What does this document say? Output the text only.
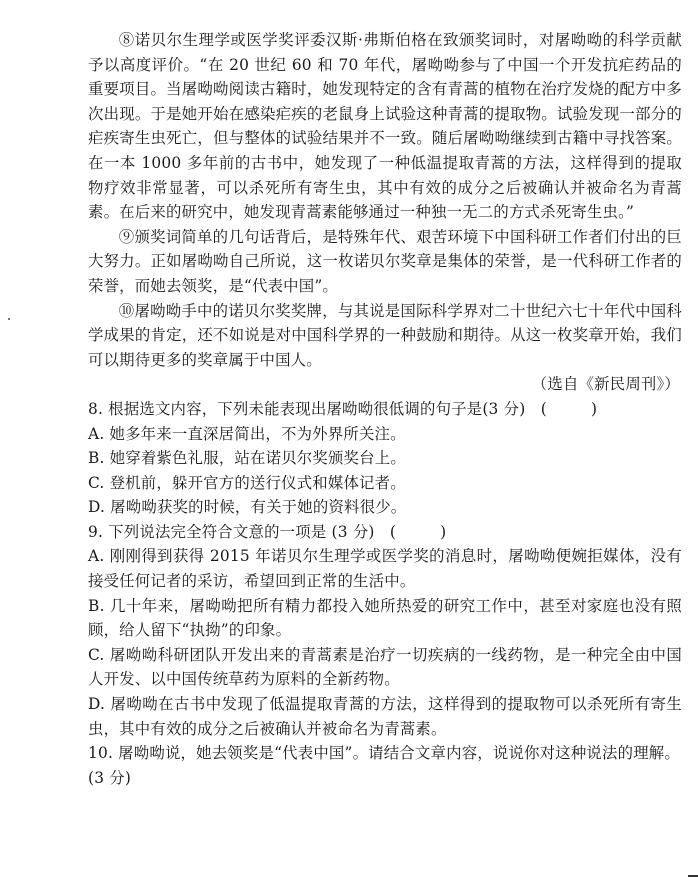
⑧诺贝尔生理学或医学奖评委汉斯·弗斯伯格在致颁奖词时，对屠呦呦的科学贡献予以高度评价。“在 20 世纪 60 和 70 年代，屠呦呦参与了中国一个开发抗疟药品的重要项目。当屠呦呦阅读古籍时，她发现特定的含有青蒿的植物在治疗发烧的配方中多次出现。于是她开始在感染疟疾的老鼠身上试验这种青蒿的提取物。试验发现一部分的疟疾寄生虫死亡，但与整体的试验结果并不一致。随后屠呦呦继续到古籍中寻找答案。在一本 1000 多年前的古书中，她发现了一种低温提取青蒿的方法，这样得到的提取物疗效非常显著，可以杀死所有寄生虫，其中有效的成分之后被确认并被命名为青蒿素。在后来的研究中，她发现青蒿素能够通过一种独一无二的方式杀死寄生虫。”

⑨颁奖词简单的几句话背后，是特殊年代、艰苦环境下中国科研工作者们付出的巨大努力。正如屠呦呦自己所说，这一枚诺贝尔奖章是集体的荣誉，是一代科研工作者的荣誉，而她去领奖，是“代表中国”。

⑩屠呦呦手中的诺贝尔奖奖牌，与其说是国际科学界对二十世纪六七十年代中国科学成果的肯定，还不如说是对中国科学界的一种鼓励和期待。从这一枚奖章开始，我们可以期待更多的奖章属于中国人。

（选自《新民周刊》）

8. 根据选文内容，下列未能表现出屠呦呦很低调的句子是(3 分) (	)

A. 她多年来一直深居简出，不为外界所关注。

B. 她穿着紫色礼服，站在诺贝尔奖颁奖台上。

C. 登机前，躲开官方的送行仪式和媒体记者。

D. 屠呦呦获奖的时候，有关于她的资料很少。

9. 下列说法完全符合文意的一项是 (3 分) (	)

A. 刚刚得到获得 2015 年诺贝尔生理学或医学奖的消息时，屠呦呦便婉拒媒体，没有接受任何记者的采访，希望回到正常的生活中。

B. 几十年来，屠呦呦把所有精力都投入她所热爱的研究工作中，甚至对家庭也没有照顾，给人留下“执拗”的印象。

C. 屠呦呦科研团队开发出来的青蒿素是治疗一切疾病的一线药物，是一种完全由中国人开发、以中国传统草药为原料的全新药物。

D. 屠呦呦在古书中发现了低温提取青蒿的方法，这样得到的提取物可以杀死所有寄生虫，其中有效的成分之后被确认并被命名为青蒿素。

10. 屠呦呦说，她去领奖是“代表中国”。请结合文章内容，说说你对这种说法的理解。(3 分)
